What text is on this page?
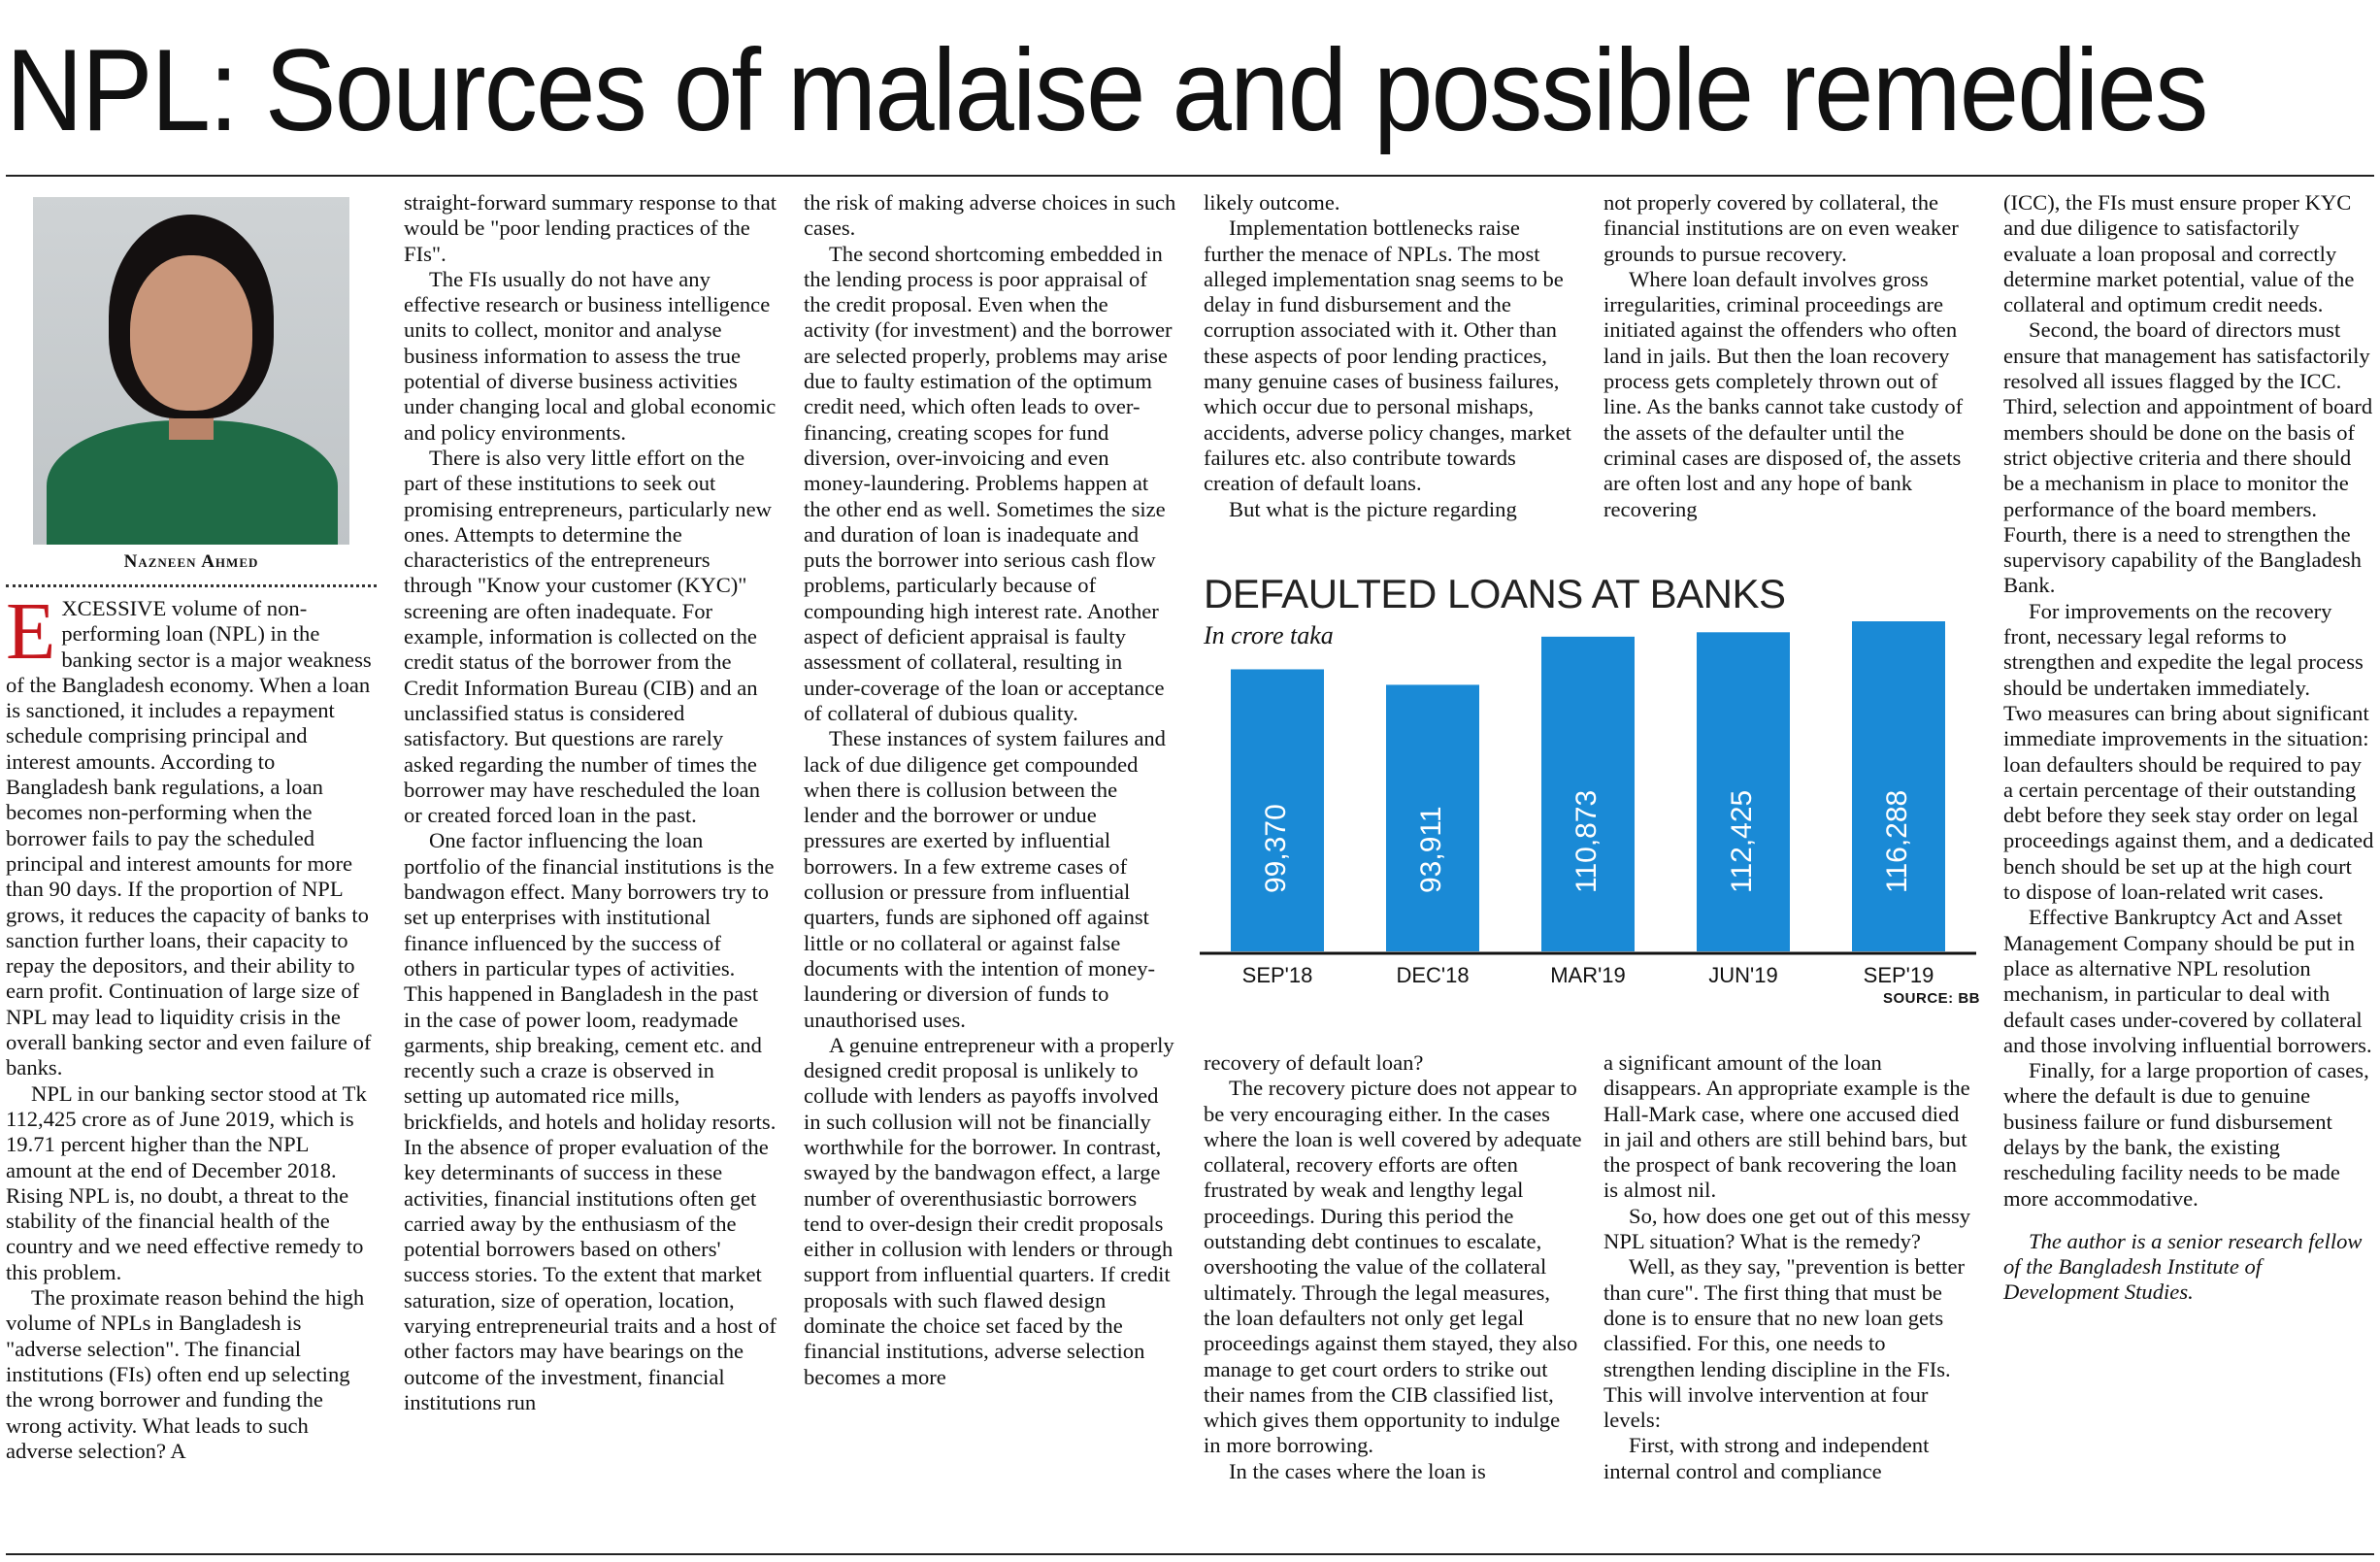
NPL: Sources of malaise and possible remedies
Nazneen Ahmed

EXCESSIVE volume of non-performing loan (NPL) in the banking sector is a major weakness of the Bangladesh economy. When a loan is sanctioned, it includes a repayment schedule comprising principal and interest amounts. According to Bangladesh bank regulations, a loan becomes non-performing when the borrower fails to pay the scheduled principal and interest amounts for more than 90 days. If the proportion of NPL grows, it reduces the capacity of banks to sanction further loans, their capacity to repay the depositors, and their ability to earn profit. Continuation of large size of NPL may lead to liquidity crisis in the overall banking sector and even failure of banks.

NPL in our banking sector stood at Tk 112,425 crore as of June 2019, which is 19.71 percent higher than the NPL amount at the end of December 2018. Rising NPL is, no doubt, a threat to the stability of the financial health of the country and we need effective remedy to this problem.

The proximate reason behind the high volume of NPLs in Bangladesh is "adverse selection". The financial institutions (FIs) often end up selecting the wrong borrower and funding the wrong activity. What leads to such adverse selection? A

straight-forward summary response to that would be "poor lending practices of the FIs".

The FIs usually do not have any effective research or business intelligence units to collect, monitor and analyse business information to assess the true potential of diverse business activities under changing local and global economic and policy environments.

There is also very little effort on the part of these institutions to seek out promising entrepreneurs, particularly new ones. Attempts to determine the characteristics of the entrepreneurs through "Know your customer (KYC)" screening are often inadequate. For example, information is collected on the credit status of the borrower from the Credit Information Bureau (CIB) and an unclassified status is considered satisfactory. But questions are rarely asked regarding the number of times the borrower may have rescheduled the loan or created forced loan in the past.

One factor influencing the loan portfolio of the financial institutions is the bandwagon effect. Many borrowers try to set up enterprises with institutional finance influenced by the success of others in particular types of activities. This happened in Bangladesh in the past in the case of power loom, readymade garments, ship breaking, cement etc. and recently such a craze is observed in setting up automated rice mills, brickfields, and hotels and holiday resorts. In the absence of proper evaluation of the key determinants of success in these activities, financial institutions often get carried away by the enthusiasm of the potential borrowers based on others' success stories. To the extent that market saturation, size of operation, location, varying entrepreneurial traits and a host of other factors may have bearings on the outcome of the investment, financial institutions run

the risk of making adverse choices in such cases.

The second shortcoming embedded in the lending process is poor appraisal of the credit proposal. Even when the activity (for investment) and the borrower are selected properly, problems may arise due to faulty estimation of the optimum credit need, which often leads to over-financing, creating scopes for fund diversion, over-invoicing and even money-laundering. Problems happen at the other end as well. Sometimes the size and duration of loan is inadequate and puts the borrower into serious cash flow problems, particularly because of compounding high interest rate. Another aspect of deficient appraisal is faulty assessment of collateral, resulting in under-coverage of the loan or acceptance of collateral of dubious quality.

These instances of system failures and lack of due diligence get compounded when there is collusion between the lender and the borrower or undue pressures are exerted by influential borrowers. In a few extreme cases of collusion or pressure from influential quarters, funds are siphoned off against little or no collateral or against false documents with the intention of money-laundering or diversion of funds to unauthorised uses.

A genuine entrepreneur with a properly designed credit proposal is unlikely to collude with lenders as payoffs involved in such collusion will not be financially worthwhile for the borrower. In contrast, swayed by the bandwagon effect, a large number of overenthusiastic borrowers tend to over-design their credit proposals either in collusion with lenders or through support from influential quarters. If credit proposals with such flawed design dominate the choice set faced by the financial institutions, adverse selection becomes a more

likely outcome.

Implementation bottlenecks raise further the menace of NPLs. The most alleged implementation snag seems to be delay in fund disbursement and the corruption associated with it. Other than these aspects of poor lending practices, many genuine cases of business failures, which occur due to personal mishaps, accidents, adverse policy changes, market failures etc. also contribute towards creation of default loans.

But what is the picture regarding

not properly covered by collateral, the financial institutions are on even weaker grounds to pursue recovery.

Where loan default involves gross irregularities, criminal proceedings are initiated against the offenders who often land in jails. But then the loan recovery process gets completely thrown out of line. As the banks cannot take custody of the assets of the defaulter until the criminal cases are disposed of, the assets are often lost and any hope of bank recovering

DEFAULTED LOANS AT BANKS
In crore taka
99,370
SEP'18
93,911
DEC'18
110,873
MAR'19
112,425
JUN'19
116,288
SEP'19
SOURCE: BB

recovery of default loan?

The recovery picture does not appear to be very encouraging either. In the cases where the loan is well covered by adequate collateral, recovery efforts are often frustrated by weak and lengthy legal proceedings. During this period the outstanding debt continues to escalate, overshooting the value of the collateral ultimately. Through the legal measures, the loan defaulters not only get legal proceedings against them stayed, they also manage to get court orders to strike out their names from the CIB classified list, which gives them opportunity to indulge in more borrowing.

In the cases where the loan is

a significant amount of the loan disappears. An appropriate example is the Hall-Mark case, where one accused died in jail and others are still behind bars, but the prospect of bank recovering the loan is almost nil.

So, how does one get out of this messy NPL situation? What is the remedy?

Well, as they say, "prevention is better than cure". The first thing that must be done is to ensure that no new loan gets classified. For this, one needs to strengthen lending discipline in the FIs. This will involve intervention at four levels:

First, with strong and independent internal control and compliance

(ICC), the FIs must ensure proper KYC and due diligence to satisfactorily evaluate a loan proposal and correctly determine market potential, value of the collateral and optimum credit needs.

Second, the board of directors must ensure that management has satisfactorily resolved all issues flagged by the ICC. Third, selection and appointment of board members should be done on the basis of strict objective criteria and there should be a mechanism in place to monitor the performance of the board members. Fourth, there is a need to strengthen the supervisory capability of the Bangladesh Bank.

For improvements on the recovery front, necessary legal reforms to strengthen and expedite the legal process should be undertaken immediately.

Two measures can bring about significant immediate improvements in the situation: loan defaulters should be required to pay a certain percentage of their outstanding debt before they seek stay order on legal proceedings against them, and a dedicated bench should be set up at the high court to dispose of loan-related writ cases.

Effective Bankruptcy Act and Asset Management Company should be put in place as alternative NPL resolution mechanism, in particular to deal with default cases under-covered by collateral and those involving influential borrowers.

Finally, for a large proportion of cases, where the default is due to genuine business failure or fund disbursement delays by the bank, the existing rescheduling facility needs to be made more accommodative.

The author is a senior research fellow of the Bangladesh Institute of Development Studies.
